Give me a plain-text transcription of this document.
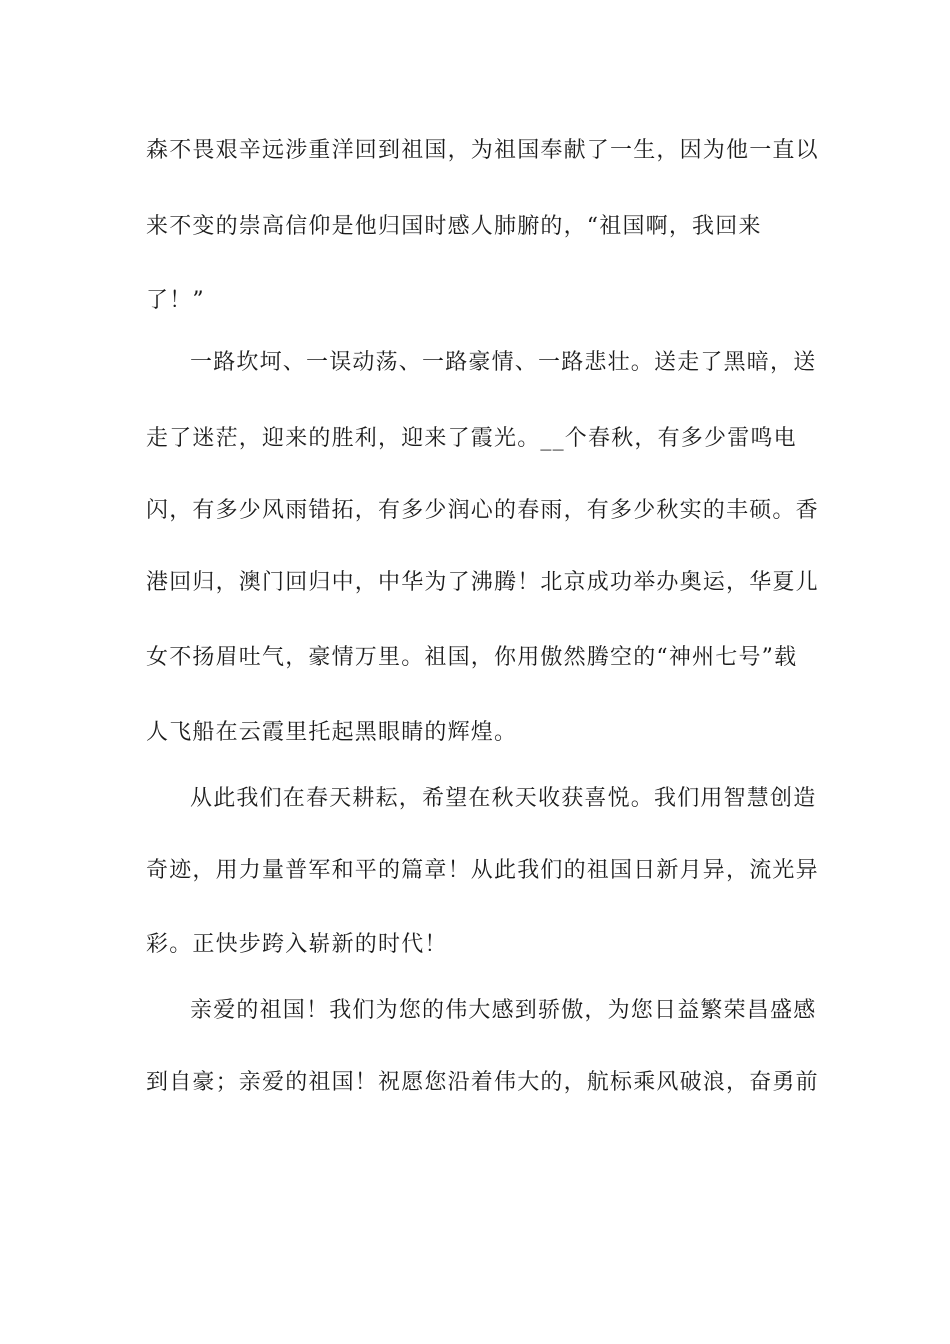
森不畏艰辛远涉重洋回到祖国，为祖国奉献了一生，因为他一直以
来不变的崇高信仰是他归国时感人肺腑的，“祖国啊，我回来
了！”
一路坎坷、一误动荡、一路豪情、一路悲壮。送走了黑暗，送
走了迷茫，迎来的胜利，迎来了霞光。__个春秋，有多少雷鸣电
闪，有多少风雨错拓，有多少润心的春雨，有多少秋实的丰硕。香
港回归，澳门回归中，中华为了沸腾！北京成功举办奥运，华夏儿
女不扬眉吐气，豪情万里。祖国，你用傲然腾空的“神州七号”载
人飞船在云霞里托起黑眼睛的辉煌。
从此我们在春天耕耘，希望在秋天收获喜悦。我们用智慧创造
奇迹，用力量普军和平的篇章！从此我们的祖国日新月异，流光异
彩。正快步跨入崭新的时代！
亲爱的祖国！我们为您的伟大感到骄傲，为您日益繁荣昌盛感
到自豪；亲爱的祖国！祝愿您沿着伟大的，航标乘风破浪，奋勇前
